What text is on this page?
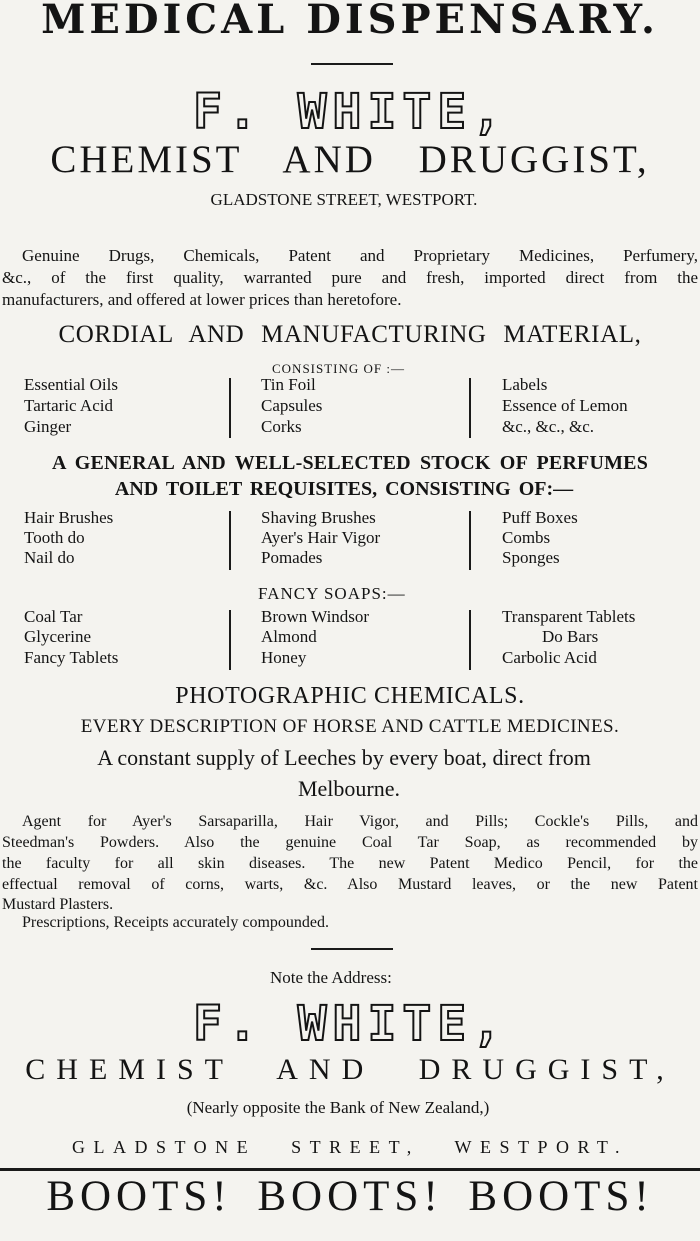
MEDICAL DISPENSARY.
F. WHITE,
CHEMIST AND DRUGGIST,
GLADSTONE STREET, WESTPORT.
Genuine Drugs, Chemicals, Patent and Proprietary Medicines, Perfumery,
&c., of the first quality, warranted pure and fresh, imported direct from the
manufacturers, and offered at lower prices than heretofore.
CORDIAL AND MANUFACTURING MATERIAL,
CONSISTING OF :—
Essential Oils
Tartaric Acid
Ginger
Tin Foil
Capsules
Corks
Labels
Essence of Lemon
&c., &c., &c.
A GENERAL AND WELL-SELECTED STOCK OF PERFUMES
AND TOILET REQUISITES, CONSISTING OF:—
Hair Brushes
Tooth do
Nail do
Shaving Brushes
Ayer's Hair Vigor
Pomades
Puff Boxes
Combs
Sponges
FANCY SOAPS:—
Coal Tar
Glycerine
Fancy Tablets
Brown Windsor
Almond
Honey
Transparent Tablets
Do Bars
Carbolic Acid
PHOTOGRAPHIC CHEMICALS.
EVERY DESCRIPTION OF HORSE AND CATTLE MEDICINES.
A constant supply of Leeches by every boat, direct from
Melbourne.
Agent for Ayer's Sarsaparilla, Hair Vigor, and Pills; Cockle's Pills, and
Steedman's Powders. Also the genuine Coal Tar Soap, as recommended by
the faculty for all skin diseases. The new Patent Medico Pencil, for the
effectual removal of corns, warts, &c. Also Mustard leaves, or the new Patent
Mustard Plasters.
Prescriptions, Receipts accurately compounded.
Note the Address:
F. WHITE,
CHEMIST AND DRUGGIST,
(Nearly opposite the Bank of New Zealand,)
GLADSTONE STREET, WESTPORT.
BOOTS! BOOTS! BOOTS!
